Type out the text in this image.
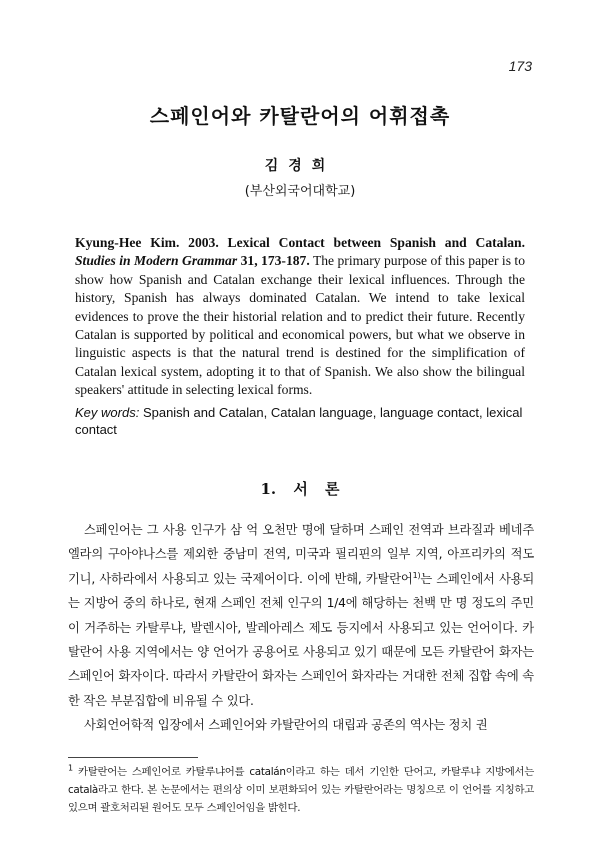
173
스페인어와 카탈란어의 어휘접촉
김경희
(부산외국어대학교)
Kyung-Hee Kim. 2003. Lexical Contact between Spanish and Catalan. Studies in Modern Grammar 31, 173-187. The primary purpose of this paper is to show how Spanish and Catalan exchange their lexical influences. Through the history, Spanish has always dominated Catalan. We intend to take lexical evidences to prove the their historial relation and to predict their future. Recently Catalan is supported by political and economical powers, but what we observe in linguistic aspects is that the natural trend is destined for the simplification of Catalan lexical system, adopting it to that of Spanish. We also show the bilingual speakers' attitude in selecting lexical forms.
Key words: Spanish and Catalan, Catalan language, language contact, lexical contact
1. 서 론

스페인어는 그 사용 인구가 삼 억 오천만 명에 달하며 스페인 전역과 브라질과 베네주엘라의 구아야나스를 제외한 중남미 전역, 미국과 필리핀의 일부 지역, 아프리카의 적도 기니, 사하라에서 사용되고 있는 국제어이다. 이에 반해, 카탈란어$^{1)}$는 스페인에서 사용되는 지방어 중의 하나로, 현재 스페인 전체 인구의 1/4에 해당하는 천백 만 명 정도의 주민이 거주하는 카탈루냐, 발렌시아, 발레아레스 제도 등지에서 사용되고 있는 언어이다. 카탈란어 사용 지역에서는 양 언어가 공용어로 사용되고 있기 때문에 모든 카탈란어 화자는 스페인어 화자이다. 따라서 카탈란어 화자는 스페인어 화자라는 거대한 전체 집합 속에 속한 작은 부분집합에 비유될 수 있다.

사회언어학적 입장에서 스페인어와 카탈란어의 대립과 공존의 역사는 정치 권

$^1$ 카탈란어는 스페인어로 카탈루냐어를 catalán이라고 하는 데서 기인한 단어고, 카탈루냐 지방에서는 català라고 한다. 본 논문에서는 편의상 이미 보편화되어 있는 카탈란어라는 명칭으로 이 언어를 지칭하고 있으며 괄호처리된 원어도 모두 스페인어임을 밝힌다.
